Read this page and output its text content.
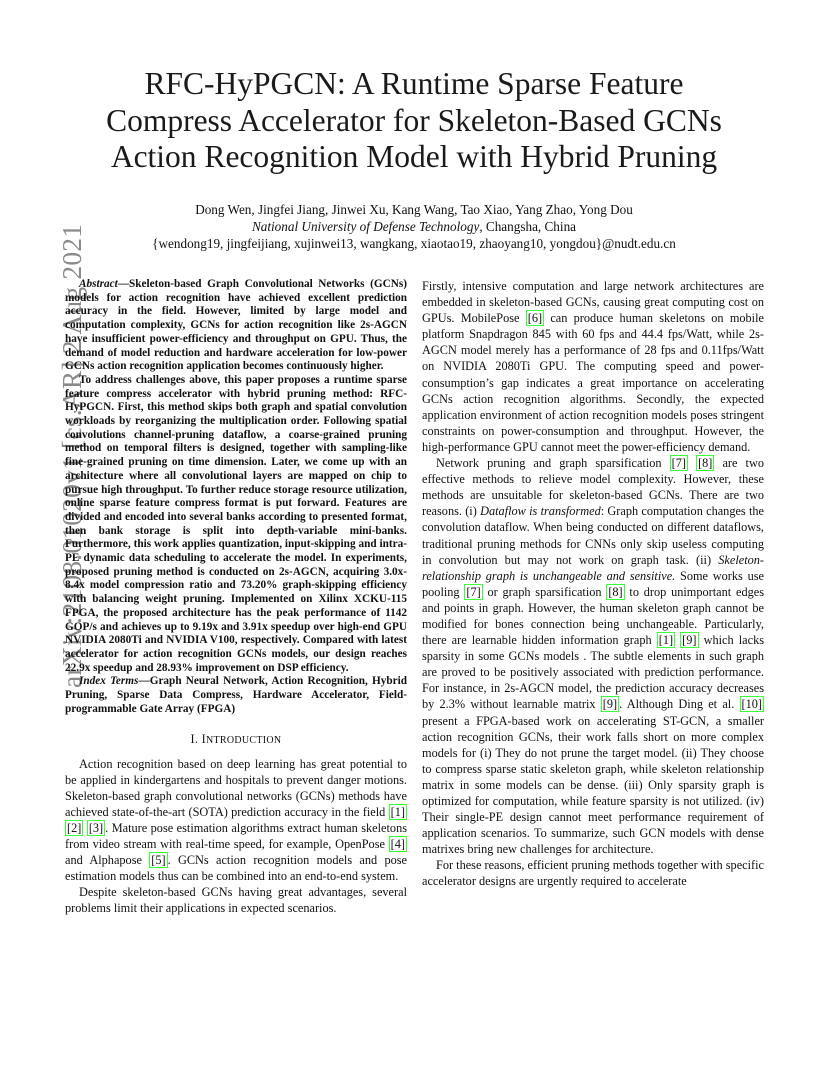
arXiv:2108.01020v1 [cs.AR] 2 Aug 2021
RFC-HyPGCN: A Runtime Sparse Feature
Compress Accelerator for Skeleton-Based GCNs
Action Recognition Model with Hybrid Pruning
Dong Wen, Jingfei Jiang, Jinwei Xu, Kang Wang, Tao Xiao, Yang Zhao, Yong Dou
National University of Defense Technology, Changsha, China
{wendong19, jingfeijiang, xujinwei13, wangkang, xiaotao19, zhaoyang10, yongdou}@nudt.edu.cn

Abstract—Skeleton-based Graph Convolutional Networks (GCNs) models for action recognition have achieved excellent prediction accuracy in the field. However, limited by large model and computation complexity, GCNs for action recognition like 2s-AGCN have insufficient power-efficiency and throughput on GPU. Thus, the demand of model reduction and hardware acceleration for low-power GCNs action recognition application becomes continuously higher.

To address challenges above, this paper proposes a runtime sparse feature compress accelerator with hybrid pruning method: RFC-HyPGCN. First, this method skips both graph and spatial convolution workloads by reorganizing the multiplication order. Following spatial convolutions channel-pruning dataflow, a coarse-grained pruning method on temporal filters is designed, together with sampling-like fine-grained pruning on time dimension. Later, we come up with an architecture where all convolutional layers are mapped on chip to pursue high throughput. To further reduce storage resource utilization, online sparse feature compress format is put forward. Features are divided and encoded into several banks according to presented format, then bank storage is split into depth-variable mini-banks. Furthermore, this work applies quantization, input-skipping and intra-PE dynamic data scheduling to accelerate the model. In experiments, proposed pruning method is conducted on 2s-AGCN, acquiring 3.0x-8.4x model compression ratio and 73.20% graph-skipping efficiency with balancing weight pruning. Implemented on Xilinx XCKU-115 FPGA, the proposed architecture has the peak performance of 1142 GOP/s and achieves up to 9.19x and 3.91x speedup over high-end GPU NVIDIA 2080Ti and NVIDIA V100, respectively. Compared with latest accelerator for action recognition GCNs models, our design reaches 22.9x speedup and 28.93% improvement on DSP efficiency.

Index Terms—Graph Neural Network, Action Recognition, Hybrid Pruning, Sparse Data Compress, Hardware Accelerator, Field-programmable Gate Array (FPGA)

I. INTRODUCTION

Action recognition based on deep learning has great potential to be applied in kindergartens and hospitals to prevent danger motions. Skeleton-based graph convolutional networks (GCNs) methods have achieved state-of-the-art (SOTA) prediction accuracy in the field [1] [2] [3] . Mature pose estimation algorithms extract human skeletons from video stream with real-time speed, for example, OpenPose [4] and Alphapose [5] . GCNs action recognition models and pose estimation models thus can be combined into an end-to-end system.

Despite skeleton-based GCNs having great advantages, several problems limit their applications in expected scenarios.

Firstly, intensive computation and large network architectures are embedded in skeleton-based GCNs, causing great computing cost on GPUs. MobilePose [6] can produce human skeletons on mobile platform Snapdragon 845 with 60 fps and 44.4 fps/Watt, while 2s-AGCN model merely has a performance of 28 fps and 0.11fps/Watt on NVIDIA 2080Ti GPU. The computing speed and power-consumption’s gap indicates a great importance on accelerating GCNs action recognition algorithms. Secondly, the expected application environment of action recognition models poses stringent constraints on power-consumption and throughput. However, the high-performance GPU cannot meet the power-efficiency demand.

Network pruning and graph sparsification [7] [8] are two effective methods to relieve model complexity. However, these methods are unsuitable for skeleton-based GCNs. There are two reasons. (i) Dataflow is transformed: Graph computation changes the convolution dataflow. When being conducted on different dataflows, traditional pruning methods for CNNs only skip useless computing in convolution but may not work on graph task. (ii) Skeleton-relationship graph is unchangeable and sensitive. Some works use pooling [7] or graph sparsification [8] to drop unimportant edges and points in graph. However, the human skeleton graph cannot be modified for bones connection being unchangeable. Particularly, there are learnable hidden information graph [1] [9] which lacks sparsity in some GCNs models . The subtle elements in such graph are proved to be positively associated with prediction performance. For instance, in 2s-AGCN model, the prediction accuracy decreases by 2.3% without learnable matrix [9] . Although Ding et al. [10] present a FPGA-based work on accelerating ST-GCN, a smaller action recognition GCNs, their work falls short on more complex models for (i) They do not prune the target model. (ii) They choose to compress sparse static skeleton graph, while skeleton relationship matrix in some models can be dense. (iii) Only sparsity graph is optimized for computation, while feature sparsity is not utilized. (iv) Their single-PE design cannot meet performance requirement of application scenarios. To summarize, such GCN models with dense matrixes bring new challenges for architecture.

For these reasons, efficient pruning methods together with specific accelerator designs are urgently required to accelerate
